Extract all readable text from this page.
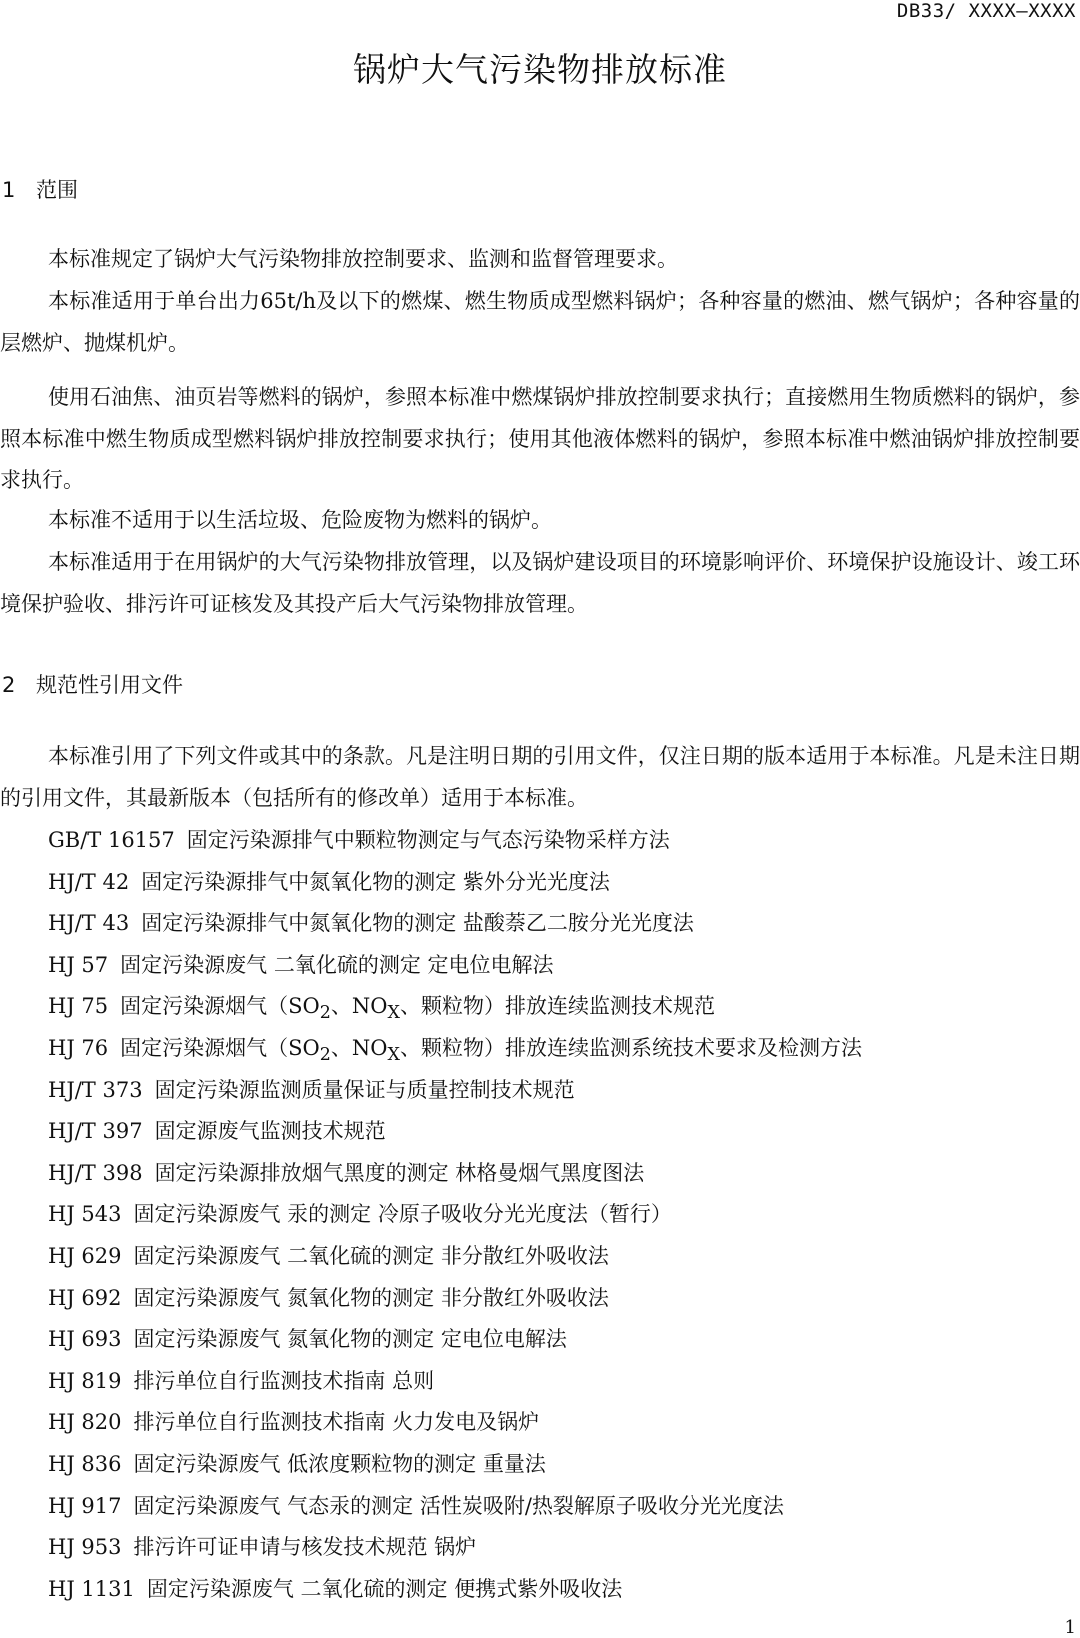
DB33/ XXXX—XXXX
锅炉大气污染物排放标准
1 范围
本标准规定了锅炉大气污染物排放控制要求、监测和监督管理要求。
本标准适用于单台出力65t/h及以下的燃煤、燃生物质成型燃料锅炉；各种容量的燃油、燃气锅炉；各种容量的层燃炉、抛煤机炉。
使用石油焦、油页岩等燃料的锅炉，参照本标准中燃煤锅炉排放控制要求执行；直接燃用生物质燃料的锅炉，参照本标准中燃生物质成型燃料锅炉排放控制要求执行；使用其他液体燃料的锅炉，参照本标准中燃油锅炉排放控制要求执行。
本标准不适用于以生活垃圾、危险废物为燃料的锅炉。
本标准适用于在用锅炉的大气污染物排放管理，以及锅炉建设项目的环境影响评价、环境保护设施设计、竣工环境保护验收、排污许可证核发及其投产后大气污染物排放管理。
2 规范性引用文件
本标准引用了下列文件或其中的条款。凡是注明日期的引用文件，仅注日期的版本适用于本标准。凡是未注日期的引用文件，其最新版本（包括所有的修改单）适用于本标准。
GB/T 16157 固定污染源排气中颗粒物测定与气态污染物采样方法
HJ/T 42 固定污染源排气中氮氧化物的测定 紫外分光光度法
HJ/T 43 固定污染源排气中氮氧化物的测定 盐酸萘乙二胺分光光度法
HJ 57 固定污染源废气 二氧化硫的测定 定电位电解法
HJ 75 固定污染源烟气（$SO_2$、$NO_X$、颗粒物）排放连续监测技术规范
HJ 76 固定污染源烟气（$SO_2$、$NO_X$、颗粒物）排放连续监测系统技术要求及检测方法
HJ/T 373 固定污染源监测质量保证与质量控制技术规范
HJ/T 397 固定源废气监测技术规范
HJ/T 398 固定污染源排放烟气黑度的测定 林格曼烟气黑度图法
HJ 543 固定污染源废气 汞的测定 冷原子吸收分光光度法（暂行）
HJ 629 固定污染源废气 二氧化硫的测定 非分散红外吸收法
HJ 692 固定污染源废气 氮氧化物的测定 非分散红外吸收法
HJ 693 固定污染源废气 氮氧化物的测定 定电位电解法
HJ 819 排污单位自行监测技术指南 总则
HJ 820 排污单位自行监测技术指南 火力发电及锅炉
HJ 836 固定污染源废气 低浓度颗粒物的测定 重量法
HJ 917 固定污染源废气 气态汞的测定 活性炭吸附/热裂解原子吸收分光光度法
HJ 953 排污许可证申请与核发技术规范 锅炉
HJ 1131 固定污染源废气 二氧化硫的测定 便携式紫外吸收法
1
